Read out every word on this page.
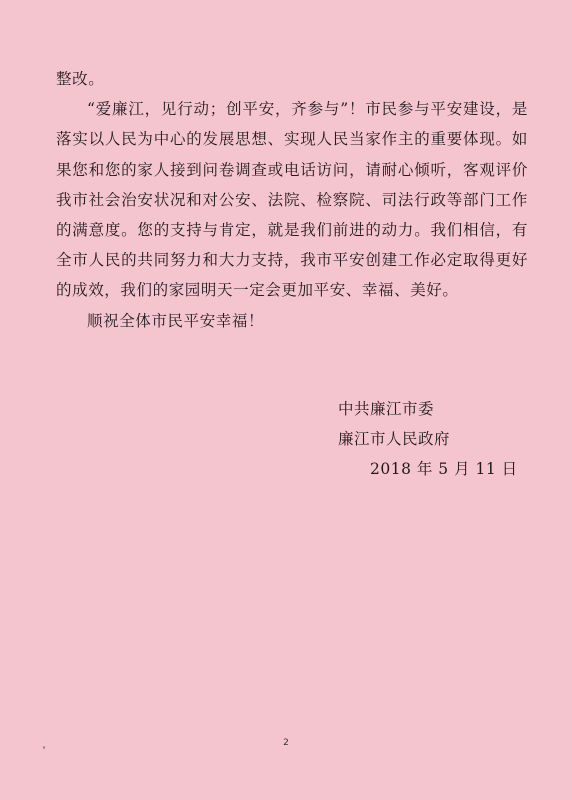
整改。

“爱廉江，见行动；创平安，齐参与”！市民参与平安建设，是落实以人民为中心的发展思想、实现人民当家作主的重要体现。如果您和您的家人接到问卷调查或电话访问，请耐心倾听，客观评价我市社会治安状况和对公安、法院、检察院、司法行政等部门工作的满意度。您的支持与肯定，就是我们前进的动力。我们相信，有全市人民的共同努力和大力支持，我市平安创建工作必定取得更好的成效，我们的家园明天一定会更加平安、幸福、美好。

顺祝全体市民平安幸福！

中共廉江市委
廉江市人民政府
2018 年 5 月 11 日
2
